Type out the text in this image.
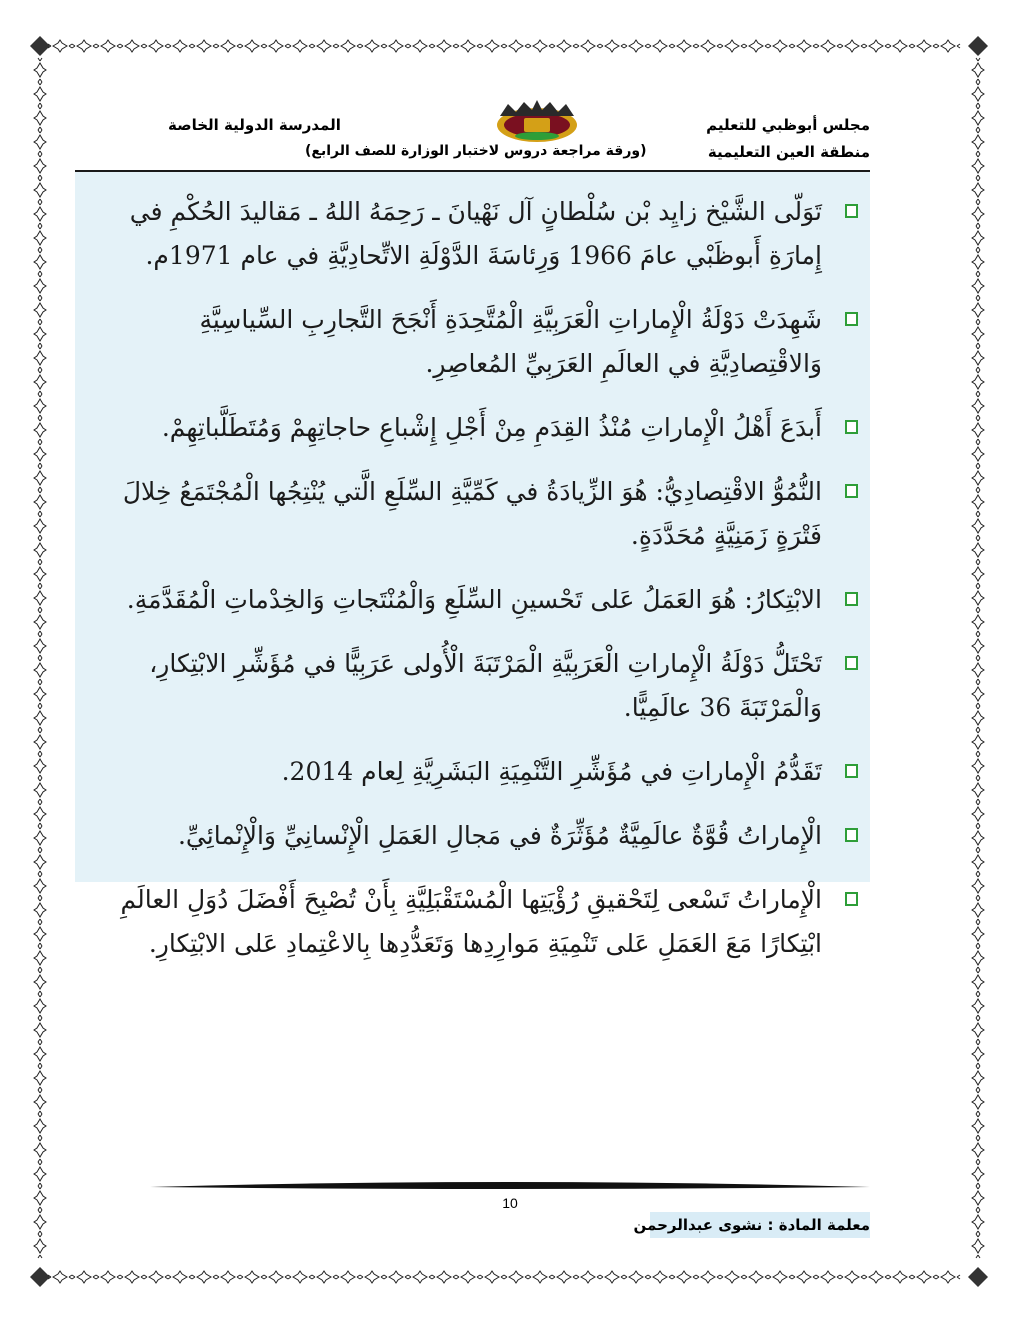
مجلس أبوظبي للتعليم
منطقة العين التعليمية
المدرسة الدولية الخاصة
(ورقة مراجعة دروس لاختبار الوزارة للصف الرابع)
تَوَلّى الشَّيْخ زايِد بْن سُلْطانٍ آل نَهْيانَ ـ رَحِمَهُ اللهُ ـ مَقاليدَ الحُكْمِ في إِمارَةِ أَبوظَبْي عامَ 1966 وَرِئاسَةَ الدَّوْلَةِ الاتِّحادِيَّةِ في عام 1971م.
شَهِدَتْ دَوْلَةُ الْإِماراتِ الْعَرَبِيَّةِ الْمُتَّحِدَةِ أَنْجَحَ التَّجارِبِ السِّياسِيَّةِ وَالاقْتِصادِيَّةِ في العالَمِ العَرَبِيِّ المُعاصِرِ.
أَبدَعَ أَهْلُ الْإِماراتِ مُنْذُ القِدَمِ مِنْ أَجْلِ إِشْباعِ حاجاتِهِمْ وَمُتَطَلَّباتِهِمْ.
النُّمُوُّ الاقْتِصادِيُّ: هُوَ الزِّيادَةُ في كَمِّيَّةِ السِّلَعِ الَّتي يُنْتِجُها الْمُجْتَمَعُ خِلالَ فَتْرَةٍ زَمَنِيَّةٍ مُحَدَّدَةٍ.
الابْتِكارُ: هُوَ العَمَلُ عَلى تَحْسينِ السِّلَعِ وَالْمُنْتَجاتِ وَالخِدْماتِ الْمُقَدَّمَةِ.
تَحْتَلُّ دَوْلَةُ الْإِماراتِ الْعَرَبِيَّةِ الْمَرْتَبَةَ الْأُولى عَرَبِيًّا في مُؤَشِّرِ الابْتِكارِ، وَالْمَرْتَبَةَ 36 عالَمِيًّا.
تَقَدُّمُ الْإِماراتِ في مُؤَشِّرِ التَّنْمِيَةِ البَشَرِيَّةِ لِعام 2014.
الْإِماراتُ قُوَّةٌ عالَمِيَّةٌ مُؤَثِّرَةٌ في مَجالِ العَمَلِ الْإِنْسانِيِّ وَالْإِنْمائِيِّ.
الْإِماراتُ تَسْعى لِتَحْقيقِ رُؤْيَتِها الْمُسْتَقْبَلِيَّةِ بِأَنْ تُصْبِحَ أَفْضَلَ دُوَلِ العالَمِ ابْتِكارًا مَعَ العَمَلِ عَلى تَنْمِيَةِ مَوارِدِها وَتَعَدُّدِها بِالاعْتِمادِ عَلى الابْتِكارِ.
10
معلمة المادة : نشوى عبدالرحمن
